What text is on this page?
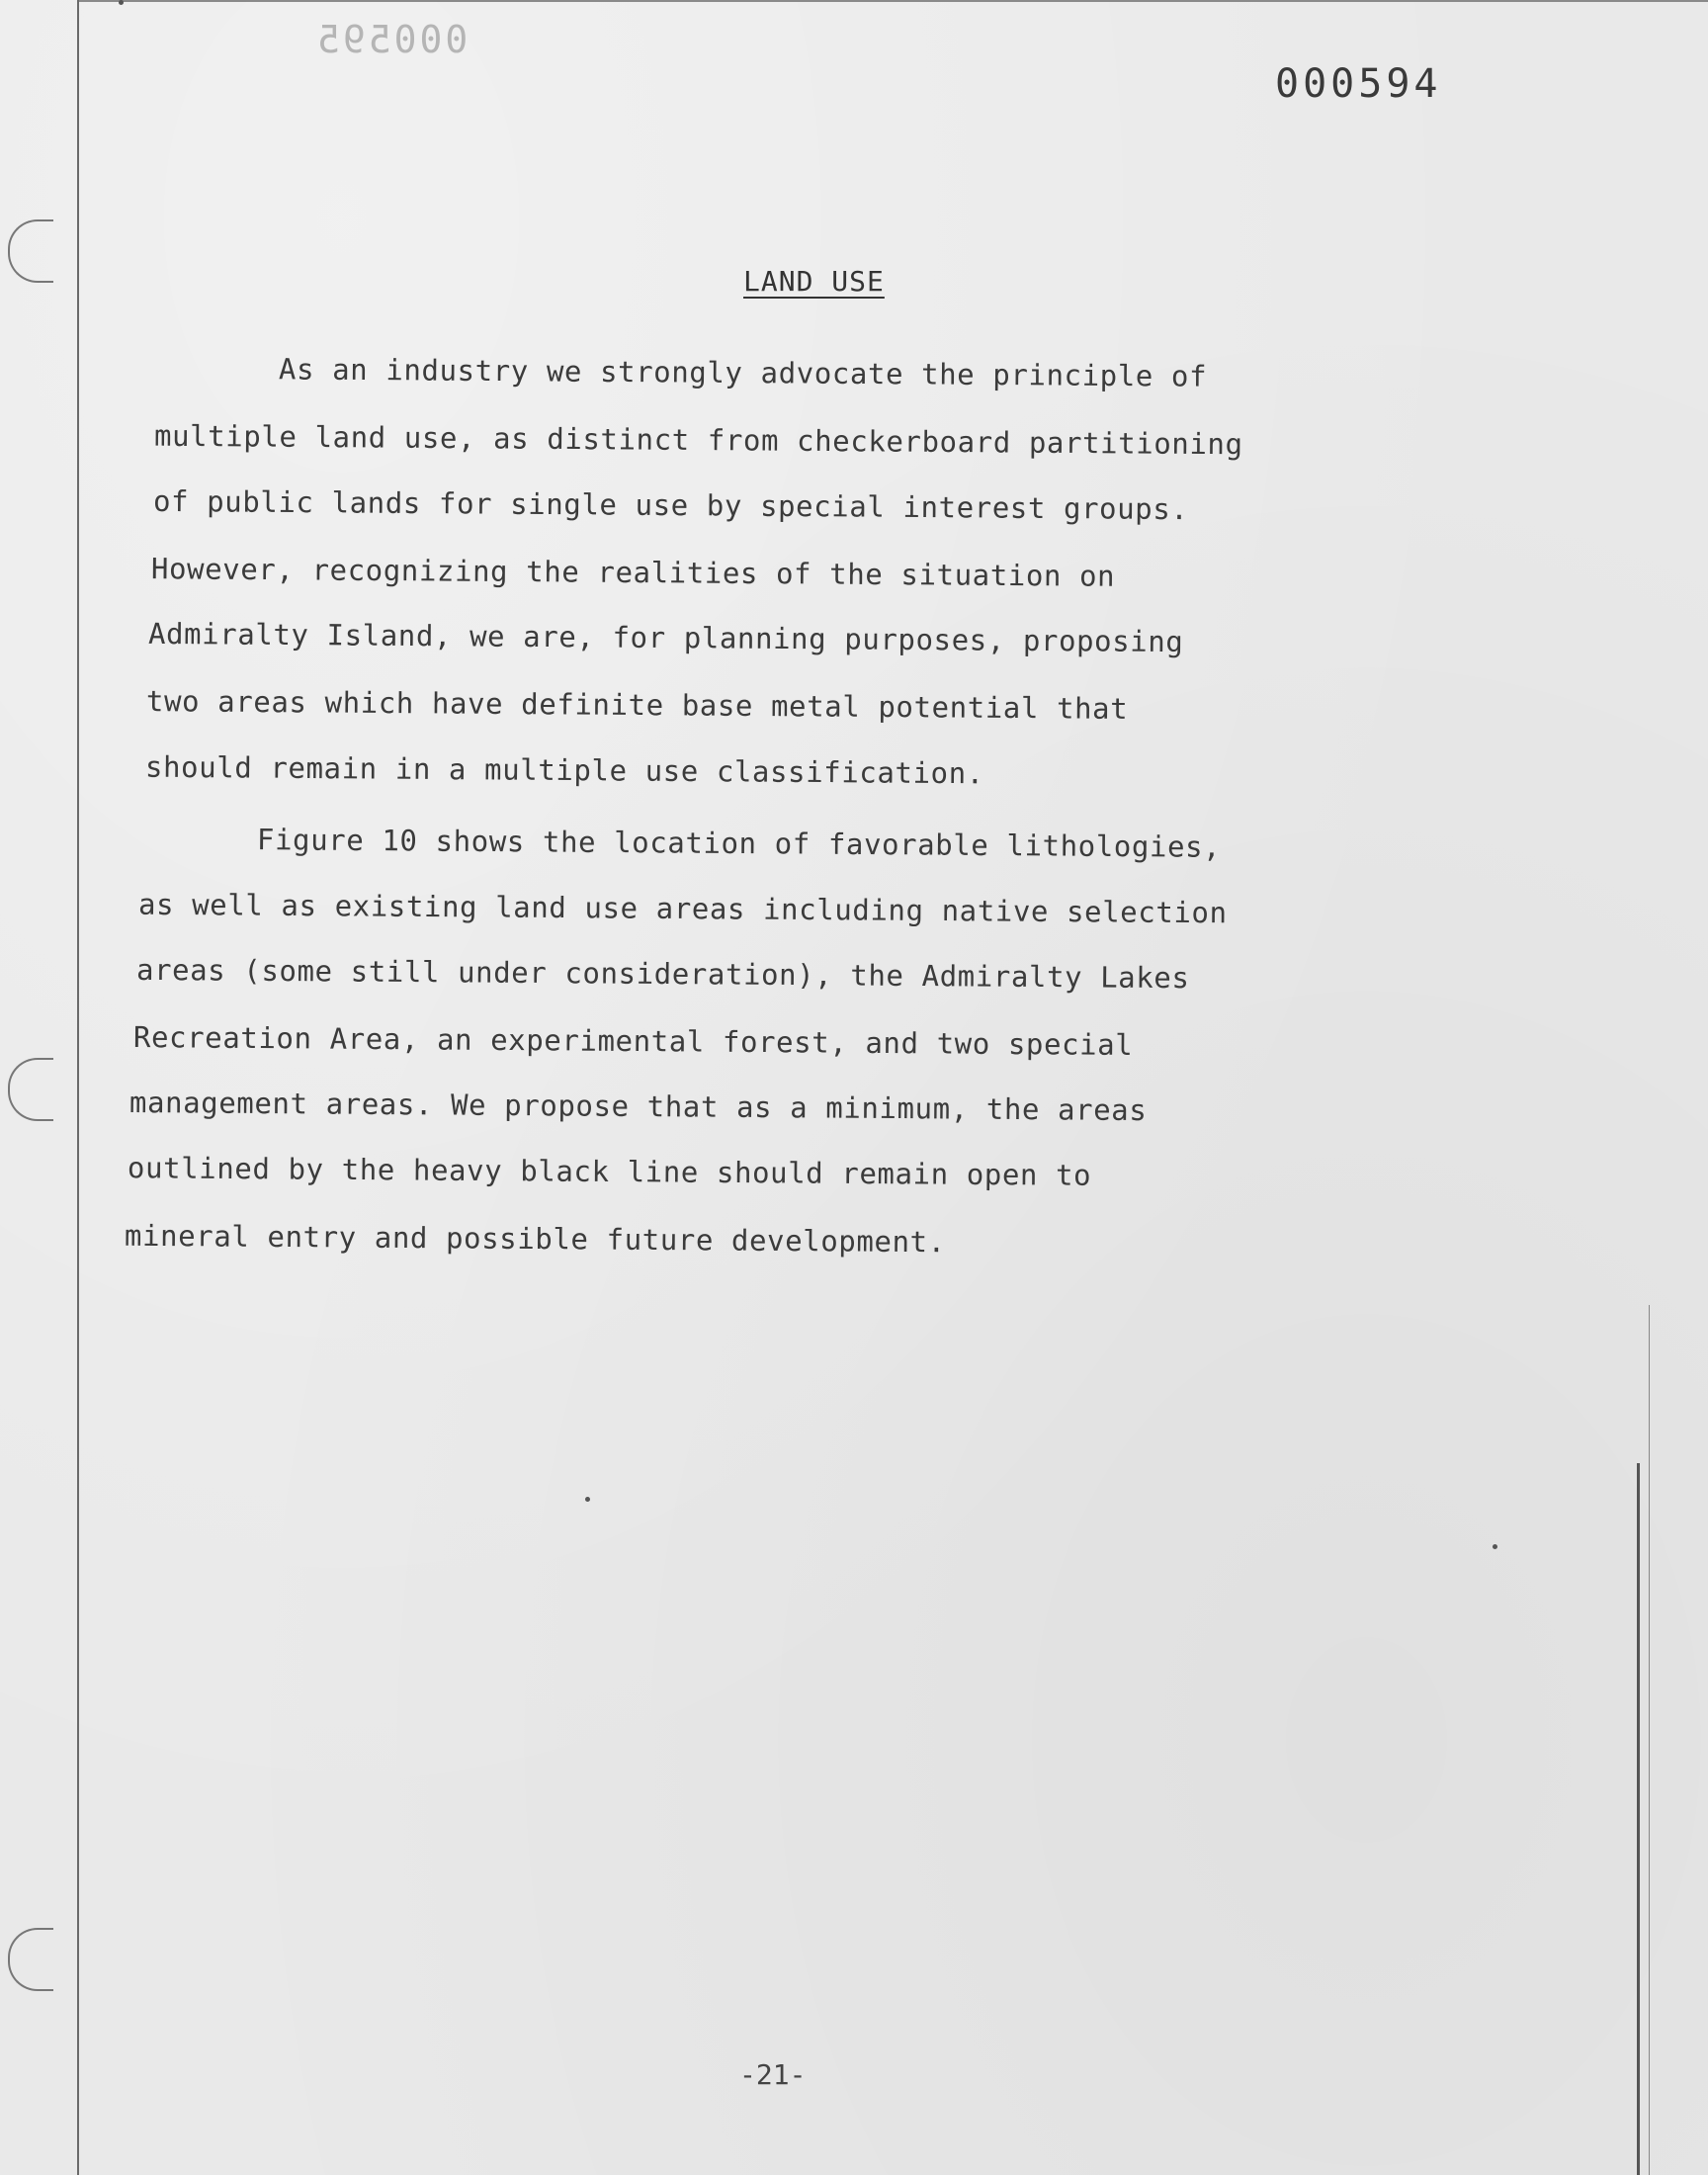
000595
000594
LAND USE
As an industry we strongly advocate the principle of
multiple land use, as distinct from checkerboard partitioning
of public lands for single use by special interest groups.
However, recognizing the realities of the situation on
Admiralty Island, we are, for planning purposes, proposing
two areas which have definite base metal potential that
should remain in a multiple use classification.
Figure 10 shows the location of favorable lithologies,
as well as existing land use areas including native selection
areas (some still under consideration), the Admiralty Lakes
Recreation Area, an experimental forest, and two special
management areas. We propose that as a minimum, the areas
outlined by the heavy black line should remain open to
mineral entry and possible future development.
-21-
